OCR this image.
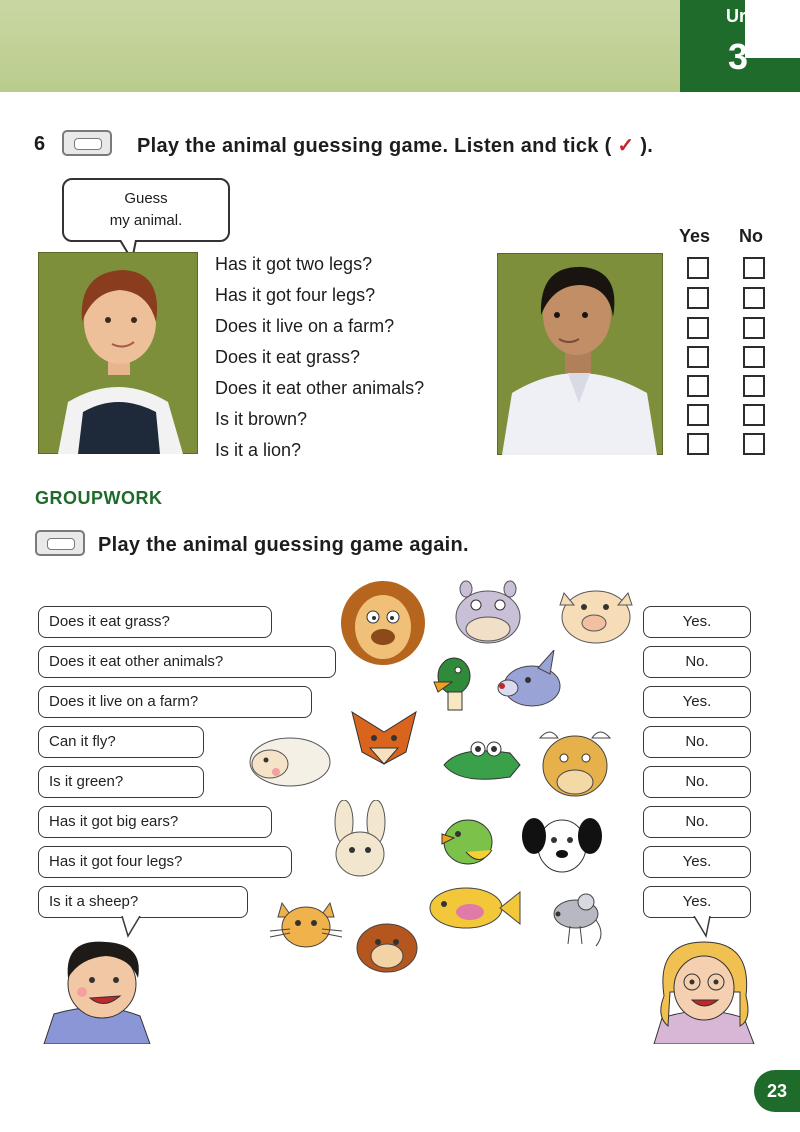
Ur
3
6	Play the animal guessing game. Listen and tick ( ✓ ).
Guess
my animal.
Has it got two legs?
Has it got four legs?
Does it live on a farm?
Does it eat grass?
Does it eat other animals?
Is it brown?
Is it a lion?
Yes No
GROUPWORK
Play the animal guessing game again.
Does it eat grass?
Does it eat other animals?
Does it live on a farm?
Can it fly?
Is it green?
Has it got big ears?
Has it got four legs?
Is it a sheep?
Yes.
No.
Yes.
No.
No.
No.
Yes.
Yes.
23
